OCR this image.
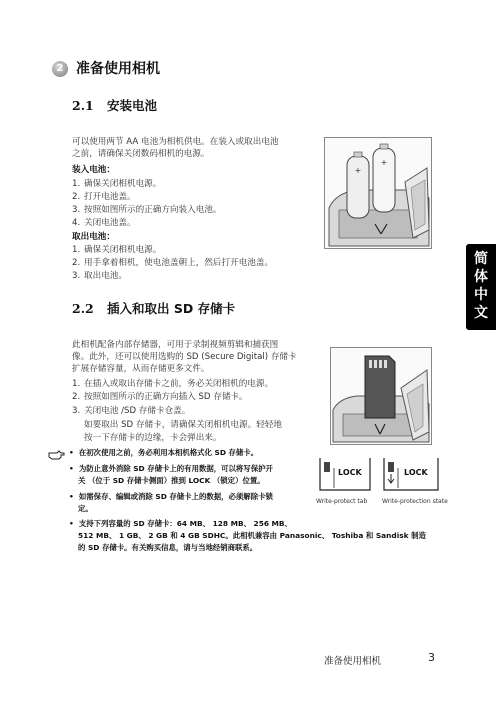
2 准备使用相机
2.1 安装电池
可以使用两节 AA 电池为相机供电。在装入或取出电池
之前，请确保关闭数码相机的电源。
装入电池：
1. 确保关闭相机电源。
2. 打开电池盖。
3. 按照如图所示的正确方向装入电池。
4. 关闭电池盖。
取出电池：
1. 确保关闭相机电源。
2. 用手拿着相机，使电池盖朝上，然后打开电池盖。
3. 取出电池。
+
+
简
体
中
文
2.2 插入和取出 SD 存储卡
此相机配备内部存储器，可用于录制视频剪辑和捕获图
像。此外，还可以使用选购的 SD (Secure Digital) 存储卡
扩展存储容量，从而存储更多文件。
1. 在插入或取出存储卡之前，务必关闭相机的电源。
2. 按照如图所示的正确方向插入 SD 存储卡。
3. 关闭电池 /SD 存储卡仓盖。
如要取出 SD 存储卡，请确保关闭相机电源。轻轻地
按一下存储卡的边缘，卡会弹出来。
• 在初次使用之前，务必利用本相机格式化 SD 存储卡。
• 为防止意外消除 SD 存储卡上的有用数据，可以将写保护开
关 （位于 SD 存储卡侧面）推到 LOCK （锁定）位置。
• 如需保存、编辑或消除 SD 存储卡上的数据，必须解除卡锁
定。
• 支持下列容量的 SD 存储卡：64 MB、 128 MB、 256 MB、
512 MB、 1 GB、 2 GB 和 4 GB SDHC。此相机兼容由 Panasonic、 Toshiba 和 Sandisk 制造
的 SD 存储卡。有关购买信息，请与当地经销商联系。
LOCK	LOCK
Write-protect tab Write-protection state
准备使用相机	3
